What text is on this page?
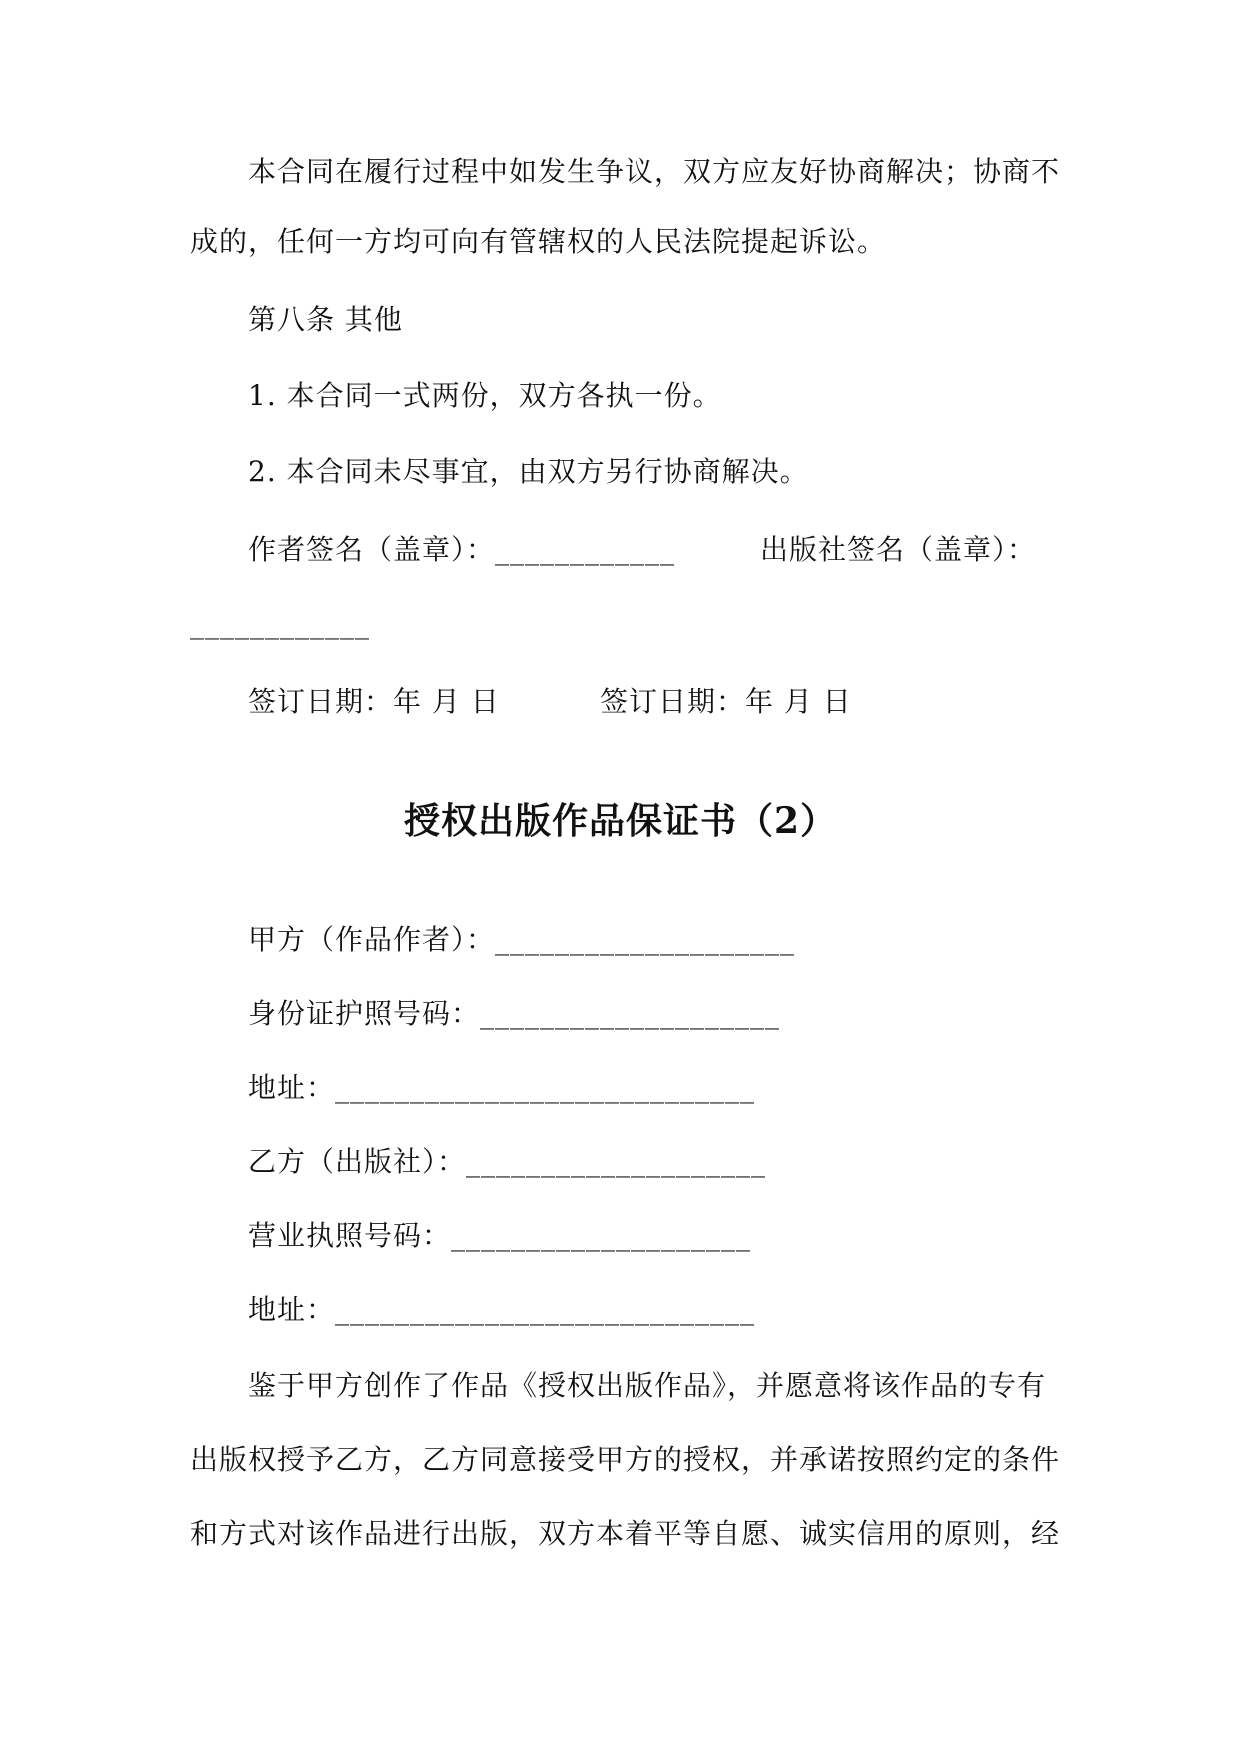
本合同在履行过程中如发生争议，双方应友好协商解决；协商不
成的，任何一方均可向有管辖权的人民法院提起诉讼。
第八条 其他
1. 本合同一式两份，双方各执一份。
2. 本合同未尽事宜，由双方另行协商解决。
作者签名（盖章）：____________	出版社签名（盖章）：
____________
签订日期：年 月 日	签订日期：年 月 日
授权出版作品保证书（2）
甲方（作品作者）：____________________
身份证护照号码：____________________
地址：____________________________
乙方（出版社）：____________________
营业执照号码：____________________
地址：____________________________
鉴于甲方创作了作品《授权出版作品》，并愿意将该作品的专有
出版权授予乙方，乙方同意接受甲方的授权，并承诺按照约定的条件
和方式对该作品进行出版，双方本着平等自愿、诚实信用的原则，经
